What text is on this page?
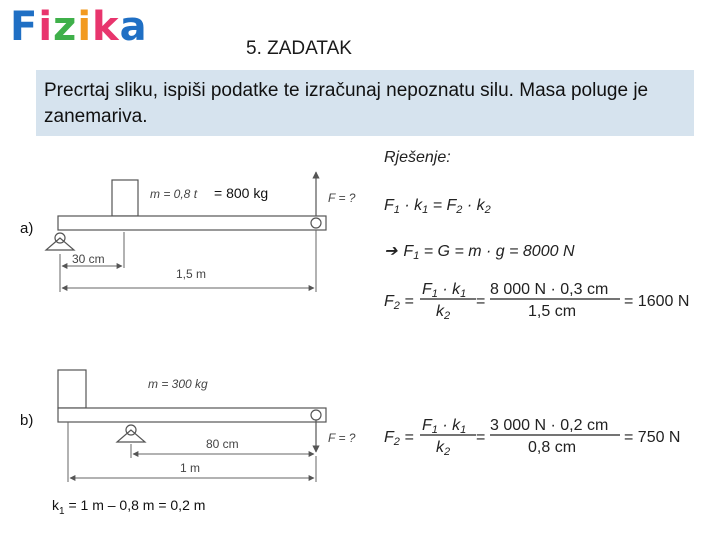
Fizika	5. ZADATAK
Precrtaj sliku, ispiši podatke te izračunaj nepoznatu silu. Masa poluge je zanemariva.
m = 0,8 t = 800 kg	F = ?
30 cm
1,5 m
m = 300 kg
F = ?
80 cm
1 m
Rješenje:
F1 · k1 = F2 · k2
➔ F1 = G = m · g = 8000 N
F2 =
F1 · k1
k2
=
8 000 N · 0,3 cm
1,5 cm
= 1600 N
F2 =
F1 · k1
k2
=
3 000 N · 0,2 cm
0,8 cm
= 750 N
a)
b)
$k_1 = 1$ m – 0,8 m = 0,2 m
